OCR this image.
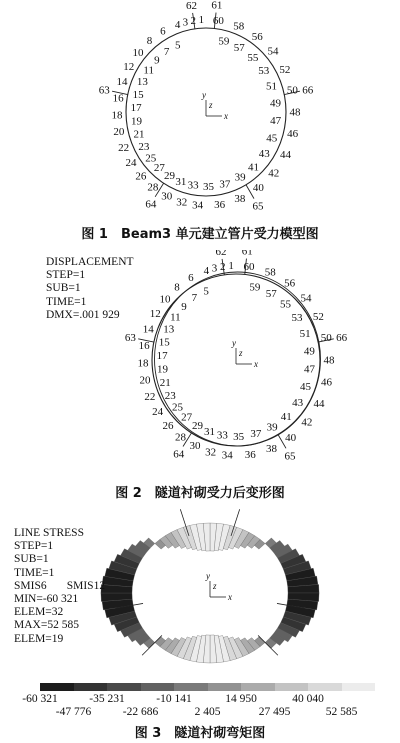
61
62
63
64	65
66
1
2
3
4
5
6
7
8
9
10
11
12
13
14
15
16
17
18
19
20 21
22 23
24 25
26
27
28
29
30
31
32
33
34
35
36
37
38
39
40
41 42
43 44
45 46
47
48
49
50
51
52
53
54
55
56
57
58
59
60
y
z
x
图 1　Beam3 单元建立管片受力模型图
61
62
63
64	65
66
1
2
3
4
5
6
7
8
9
10
11
12
13
14
15
16
17
18
19
20 21
22 23
24 25
26
27
28
29
30
31
32
33
34
35
36
37
38
39
40
41 42
43 44
45 46
47
48
49
50
51
52
53
54
55
56
57
58
59
60
y
z
x
DISPLACEMENT
STEP=1
SUB=1
TIME=1
DMX=.001 929
图 2　隧道衬砌受力后变形图
y
z
x
LINE STRESS
STEP=1
SUB=1
TIME=1
SMIS6       SMIS12
MIN=-60 321
ELEM=32
MAX=52 585
ELEM=19
-60 321	-35 231	-10 141	14 950	40 040
-47 776	-22 686	2 405	27 495	52 585
图 3　隧道衬砌弯矩图
